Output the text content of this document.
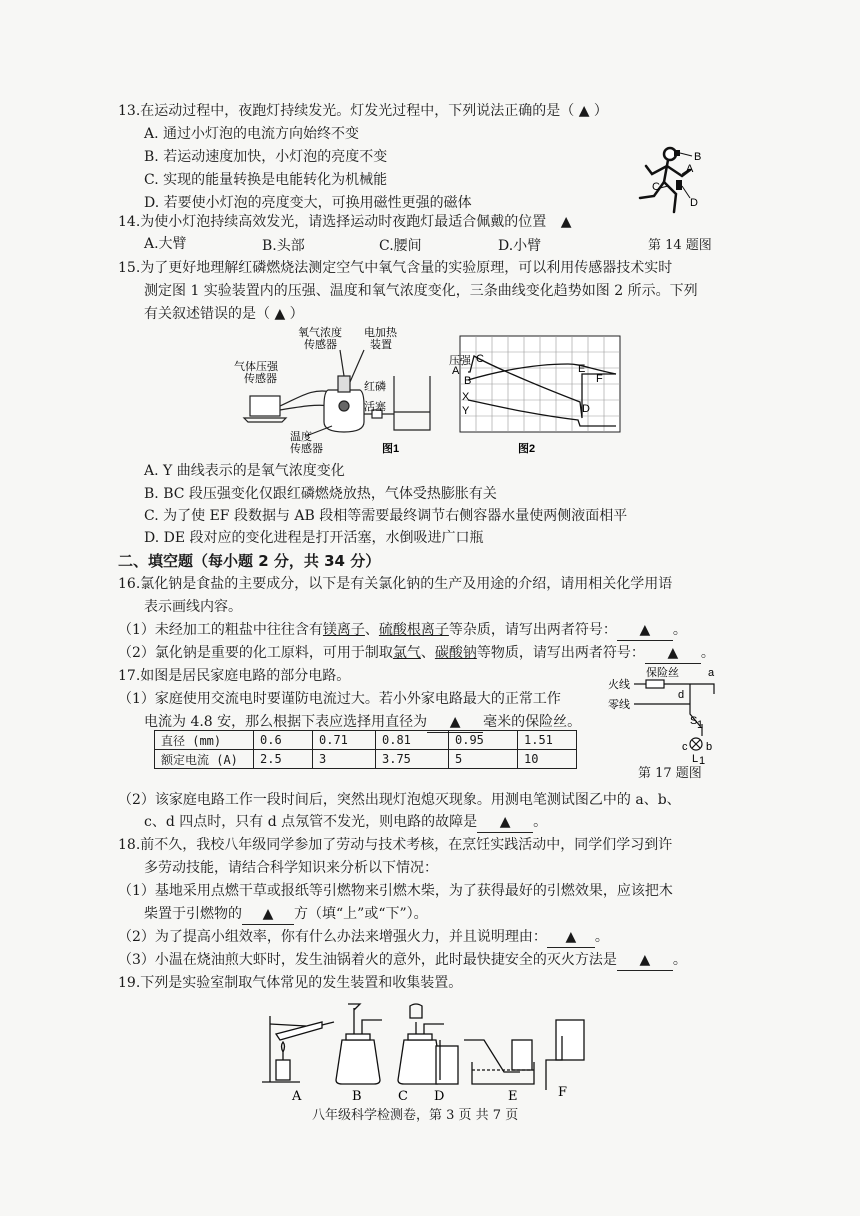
13.在运动过程中，夜跑灯持续发光。灯发光过程中，下列说法正确的是（ ▲ ）
A. 通过小灯泡的电流方向始终不变
B. 若运动速度加快，小灯泡的亮度不变
C. 实现的能量转换是电能转化为机械能
D. 若要使小灯泡的亮度变大，可换用磁性更强的磁体
B
A
C
D
14.为使小灯泡持续高效发光，请选择运动时夜跑灯最适合佩戴的位置 ▲
A.大臂	B.头部	C.腰间	D.小臂	第 14 题图
15.为了更好地理解红磷燃烧法测定空气中氧气含量的实验原理，可以利用传感器技术实时
测定图 1 实验装置内的压强、温度和氧气浓度变化，三条曲线变化趋势如图 2 所示。下列
有关叙述错误的是（ ▲ ）
氧气浓度
传感器
电加热
装置
气体压强
传感器
红磷
活塞
温度
传感器	图1
压强
A
B
C
X
Y
E
F
D
图2
A. Y 曲线表示的是氧气浓度变化
B. BC 段压强变化仅跟红磷燃烧放热，气体受热膨胀有关
C. 为了使 EF 段数据与 AB 段相等需要最终调节右侧容器水量使两侧液面相平
D. DE 段对应的变化进程是打开活塞，水倒吸进广口瓶
二、填空题（每小题 2 分，共 34 分）
16.氯化钠是食盐的主要成分，以下是有关氯化钠的生产及用途的介绍，请用相关化学用语
表示画线内容。
（1）未经加工的粗盐中往往含有镁离子、硫酸根离子等杂质，请写出两者符号： ▲ 。
（2）氯化钠是重要的化工原料，可用于制取氯气、碳酸钠等物质，请写出两者符号： ▲ 。
17.如图是居民家庭电路的部分电路。
（1）家庭使用交流电时要谨防电流过大。若小外家电路最大的正常工作
电流为 4.8 安，那么根据下表应选择用直径为 ▲ 毫米的保险丝。
直径 (mm)	0.6	0.71	0.81	0.95	1.51
额定电流 (A)	2.5	3	3.75	5	10
火线
保险丝	a
d
零线
S 1
c b
L 1
第 17 题图
（2）该家庭电路工作一段时间后，突然出现灯泡熄灭现象。用测电笔测试图乙中的 a、b、
c、d 四点时，只有 d 点氖管不发光，则电路的故障是 ▲ 。
18.前不久，我校八年级同学参加了劳动与技术考核，在烹饪实践活动中，同学们学习到许
多劳动技能，请结合科学知识来分析以下情况：
（1）基地采用点燃干草或报纸等引燃物来引燃木柴，为了获得最好的引燃效果，应该把木
柴置于引燃物的 ▲ 方（填“上”或“下”）。
（2）为了提高小组效率，你有什么办法来增强火力，并且说明理由： ▲ 。
（3）小温在烧油煎大虾时，发生油锅着火的意外，此时最快捷安全的灭火方法是 ▲ 。
19.下列是实验室制取气体常见的发生装置和收集装置。
A	B	C D	E	F
八年级科学检测卷，第 3 页 共 7 页
